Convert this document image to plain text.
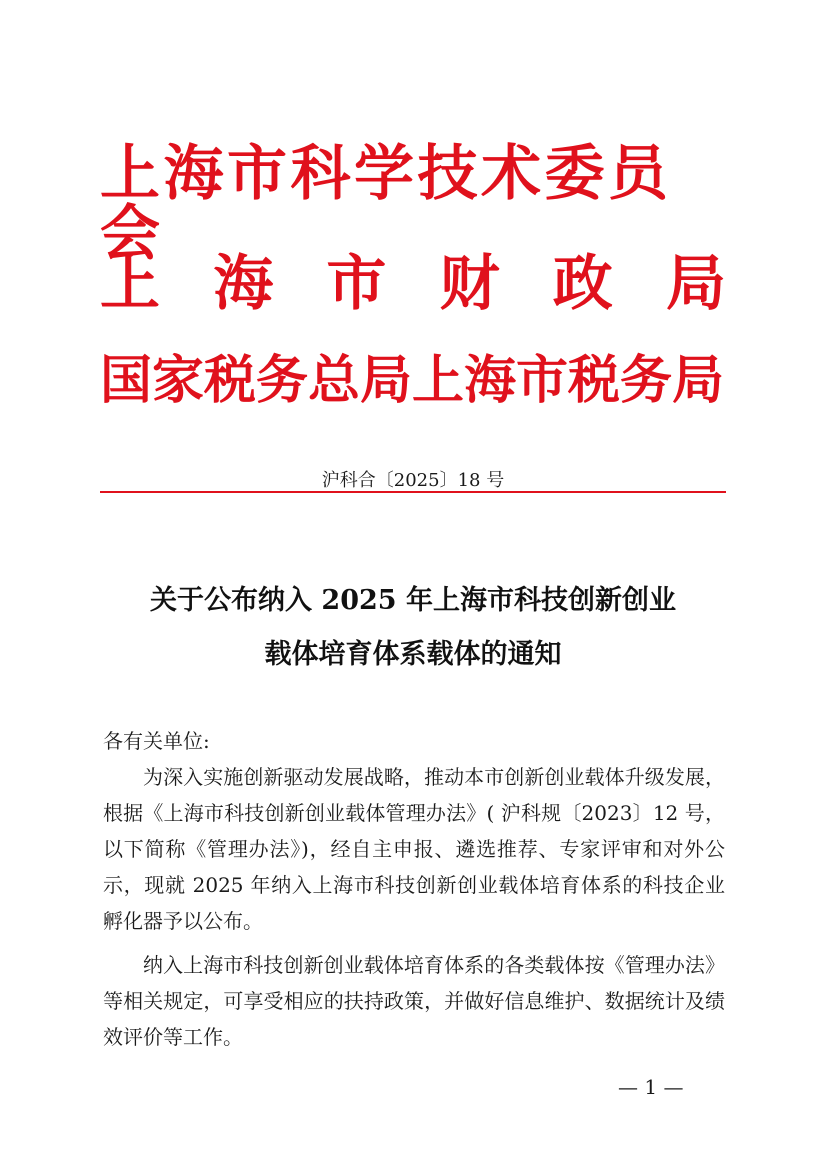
上海市科学技术委员会
上 海 市 财 政 局
国家税务总局上海市税务局
沪科合〔2025〕18 号
关于公布纳入 2025 年上海市科技创新创业
载体培育体系载体的通知
各有关单位:
为深入实施创新驱动发展战略，推动本市创新创业载体升级发展，根据《上海市科技创新创业载体管理办法》( 沪科规〔2023〕12 号，以下简称《管理办法》)，经自主申报、遴选推荐、专家评审和对外公示，现就 2025 年纳入上海市科技创新创业载体培育体系的科技企业孵化器予以公布。
纳入上海市科技创新创业载体培育体系的各类载体按《管理办法》等相关规定，可享受相应的扶持政策，并做好信息维护、数据统计及绩效评价等工作。
— 1 —
